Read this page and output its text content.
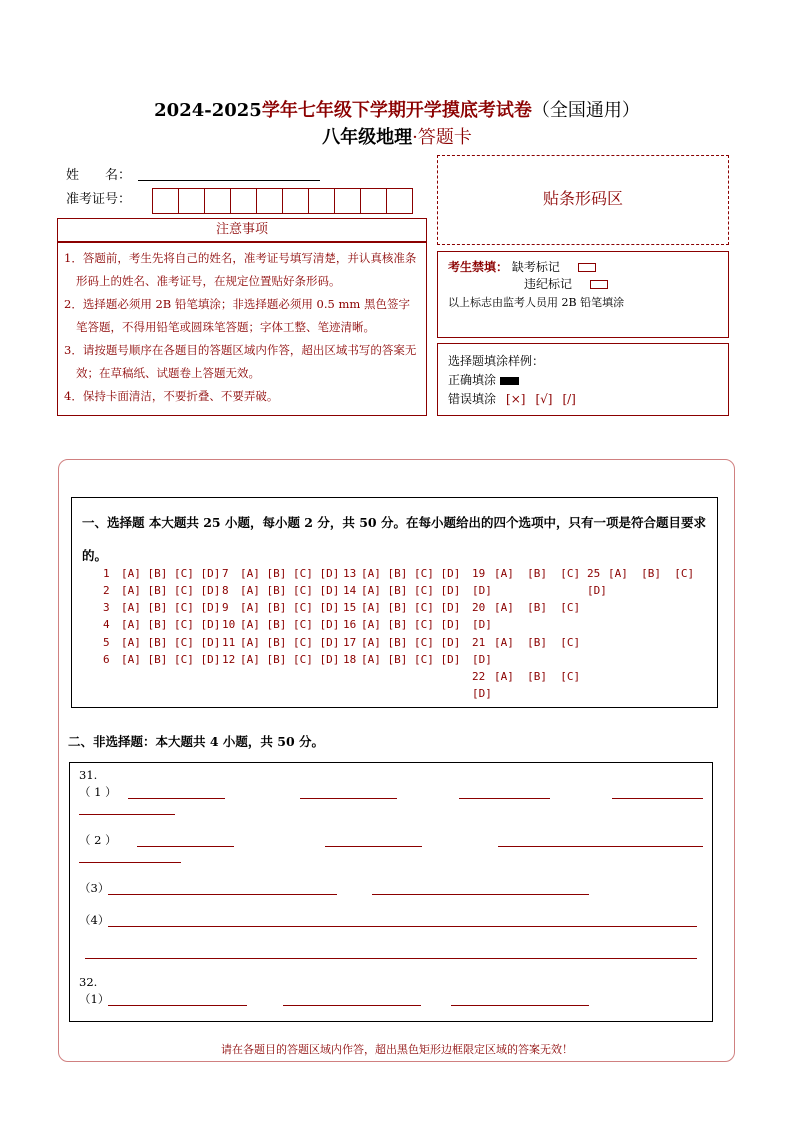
2024-2025学年七年级下学期开学摸底考试卷（全国通用）
八年级地理·答题卡
姓　　名：
准考证号：
注意事项

1．答题前，考生先将自己的姓名，准考证号填写清楚，并认真核准条形码上的姓名、准考证号，在规定位置贴好条形码。

2．选择题必须用 2B 铅笔填涂；非选择题必须用 0.5 mm 黑色签字笔答题，不得用铅笔或圆珠笔答题；字体工整、笔迹清晰。

3．请按题号顺序在各题目的答题区域内作答，超出区域书写的答案无效；在草稿纸、试题卷上答题无效。

4．保持卡面清洁，不要折叠、不要弄破。

贴条形码区
考生禁填： 缺考标记
违纪标记
以上标志由监考人员用 2B 铅笔填涂
选择题填涂样例：
正确填涂
错误填涂 [×] [√] [/]
一、选择题 本大题共 25 小题，每小题 2 分，共 50 分。在每小题给出的四个选项中，只有一项是符合题目要求的。
1 [A] [B] [C] [D]
2 [A] [B] [C] [D]
3 [A] [B] [C] [D]
4 [A] [B] [C] [D]
5 [A] [B] [C] [D]
6 [A] [B] [C] [D]
7 [A] [B] [C] [D]
8 [A] [B] [C] [D]
9 [A] [B] [C] [D]
10 [A] [B] [C] [D]
11 [A] [B] [C] [D]
12 [A] [B] [C] [D]
13 [A] [B] [C] [D]
14 [A] [B] [C] [D]
15 [A] [B] [C] [D]
16 [A] [B] [C] [D]
17 [A] [B] [C] [D]
18 [A] [B] [C] [D]
19 [A]  [B]  [C]
[D]
20 [A]  [B]  [C]
[D]
21 [A]  [B]  [C]
[D]
22 [A]  [B]  [C]
[D]
25 [A]  [B]  [C]
[D]
二、非选择题：本大题共 4 小题，共 50 分。
31.
（ 1 ）
（ 2 ）
（3）
（4）
32.
（1）
请在各题目的答题区域内作答，超出黑色矩形边框限定区域的答案无效！
